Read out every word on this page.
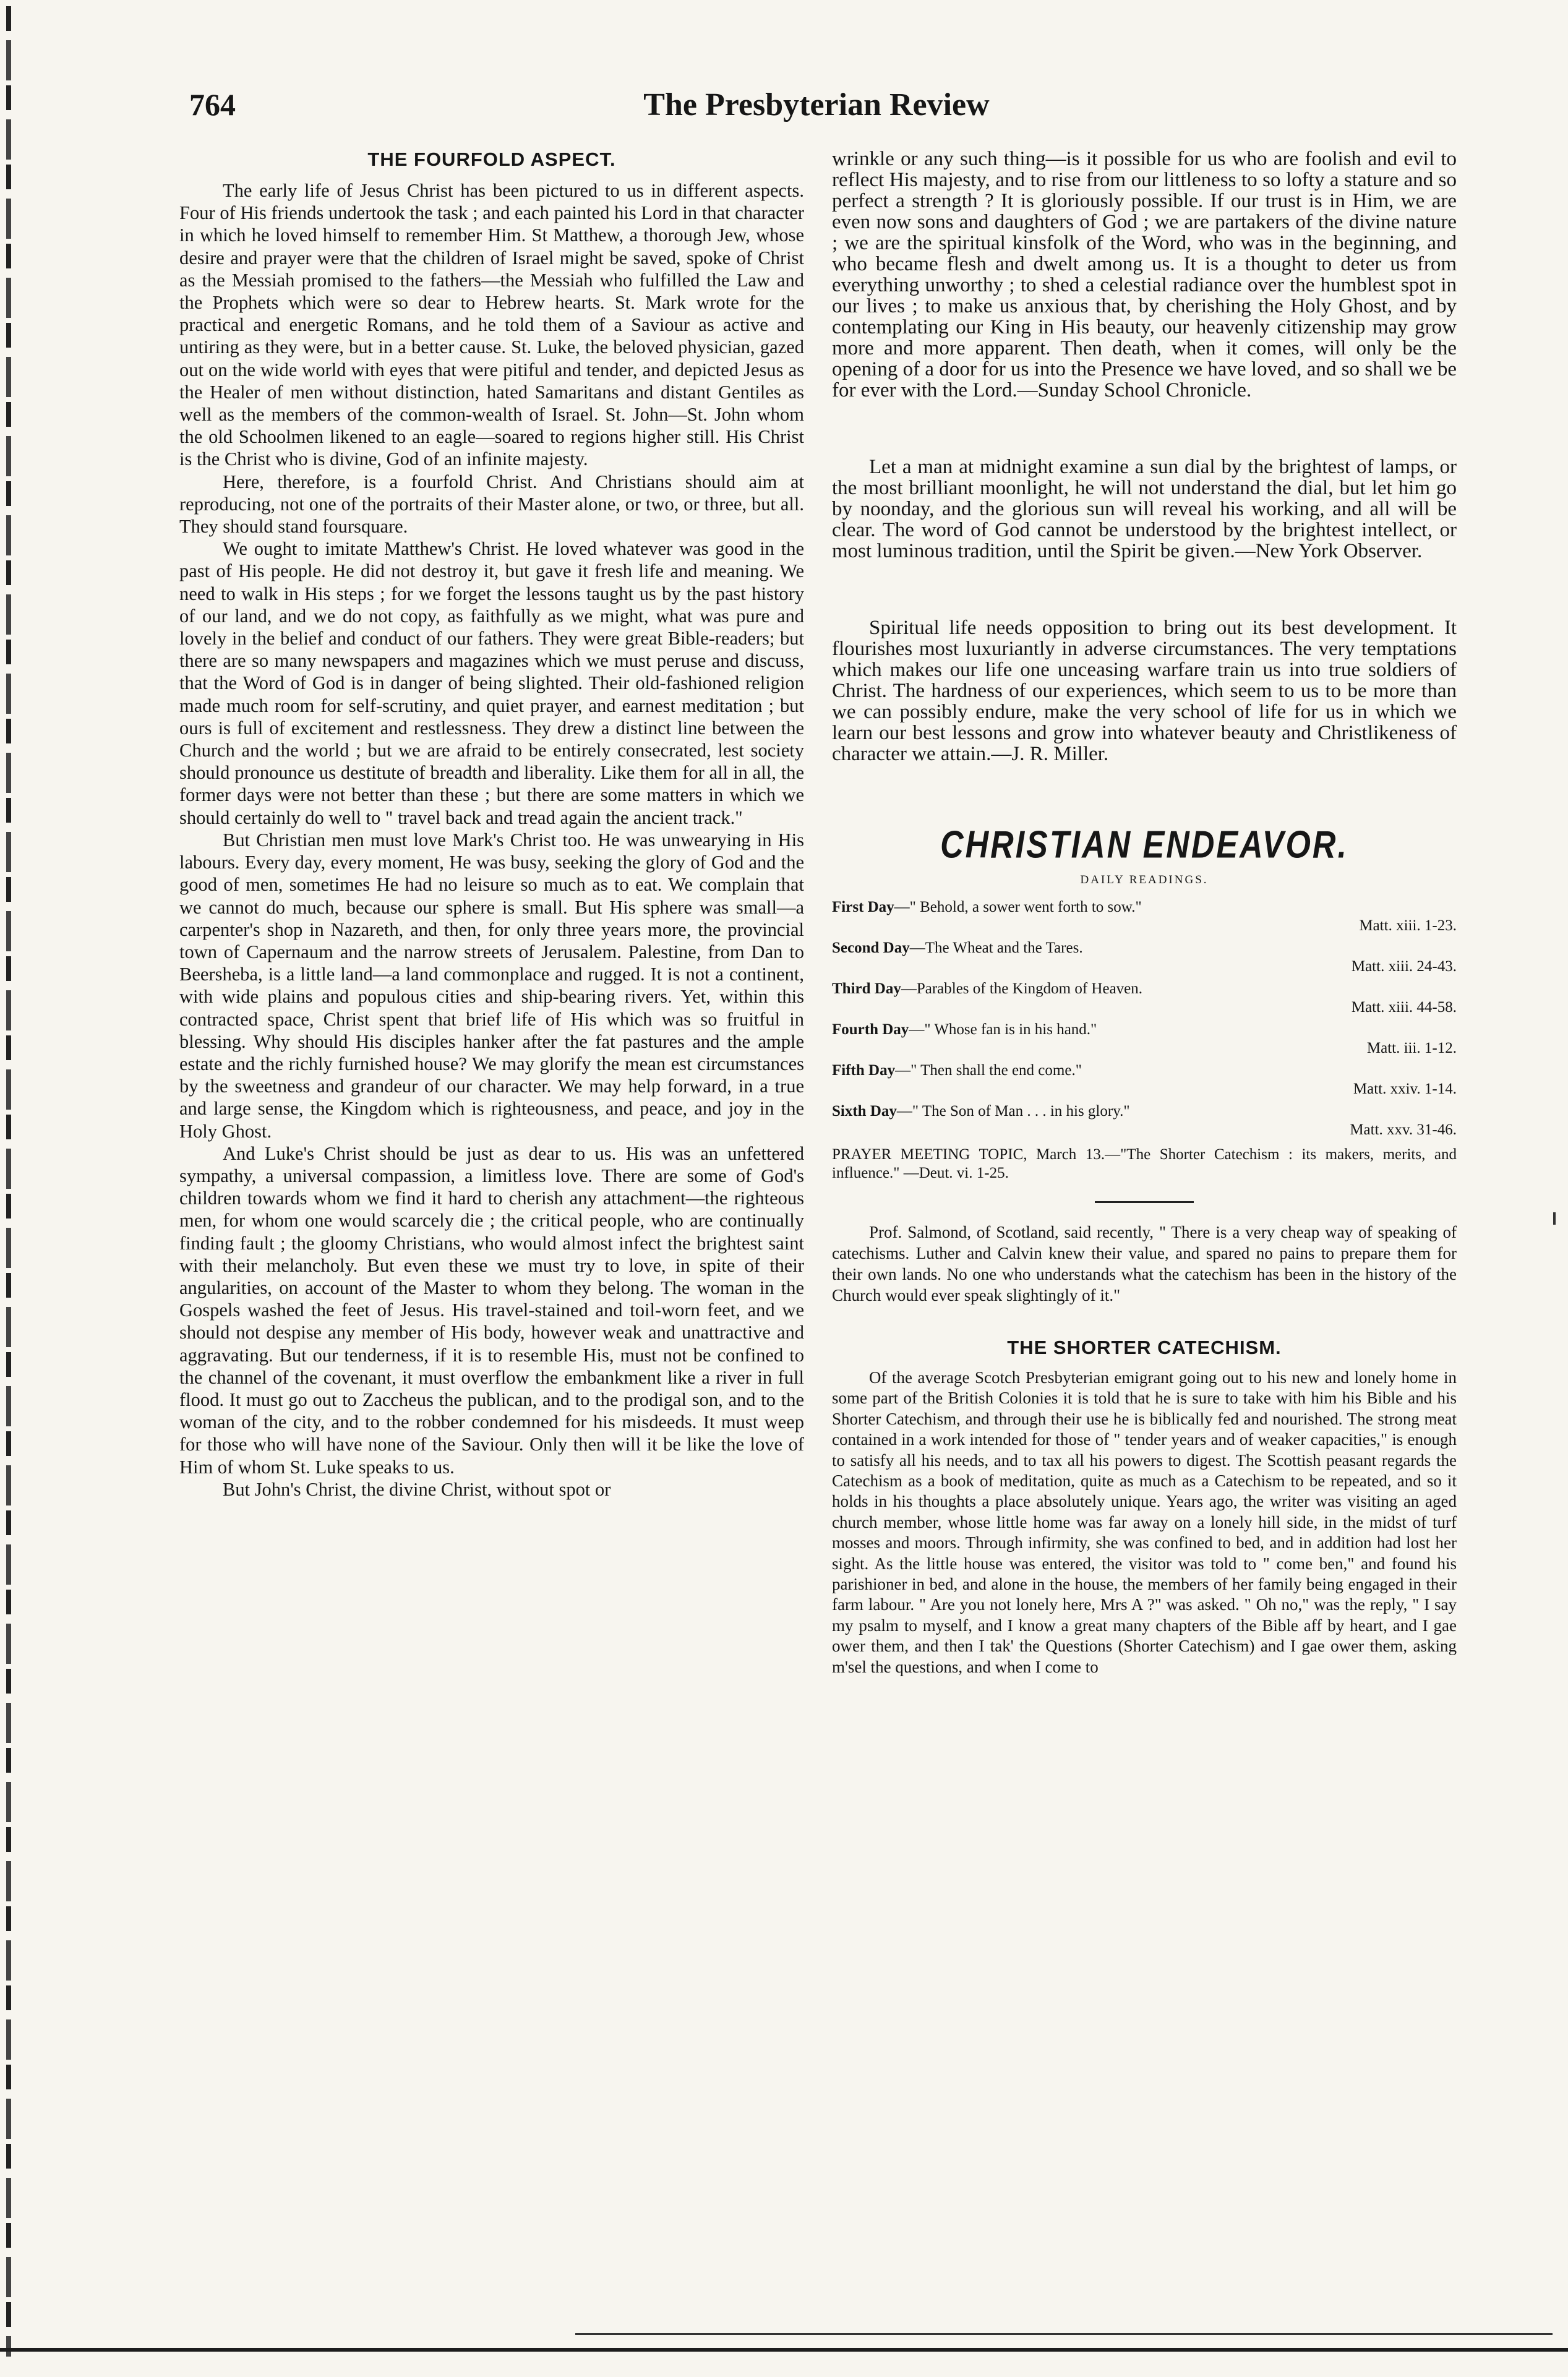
764	The Presbyterian Review
THE FOURFOLD ASPECT.

The early life of Jesus Christ has been pictured to us in different aspects. Four of His friends undertook the task ; and each painted his Lord in that character in which he loved himself to remember Him. St Matthew, a thorough Jew, whose desire and prayer were that the children of Israel might be saved, spoke of Christ as the Messiah promised to the fathers—the Messiah who fulfilled the Law and the Prophets which were so dear to Hebrew hearts. St. Mark wrote for the practical and energetic Romans, and he told them of a Saviour as active and untiring as they were, but in a better cause. St. Luke, the beloved physician, gazed out on the wide world with eyes that were pitiful and tender, and depicted Jesus as the Healer of men without distinction, hated Samaritans and distant Gentiles as well as the members of the common-wealth of Israel. St. John—St. John whom the old Schoolmen likened to an eagle—soared to regions higher still. His Christ is the Christ who is divine, God of an infinite majesty.

Here, therefore, is a fourfold Christ. And Christians should aim at reproducing, not one of the portraits of their Master alone, or two, or three, but all. They should stand foursquare.

We ought to imitate Matthew's Christ. He loved whatever was good in the past of His people. He did not destroy it, but gave it fresh life and meaning. We need to walk in His steps ; for we forget the lessons taught us by the past history of our land, and we do not copy, as faithfully as we might, what was pure and lovely in the belief and conduct of our fathers. They were great Bible-readers; but there are so many newspapers and magazines which we must peruse and discuss, that the Word of God is in danger of being slighted. Their old-fashioned religion made much room for self-scrutiny, and quiet prayer, and earnest meditation ; but ours is full of excitement and restlessness. They drew a distinct line between the Church and the world ; but we are afraid to be entirely consecrated, lest society should pronounce us destitute of breadth and liberality. Like them for all in all, the former days were not better than these ; but there are some matters in which we should certainly do well to " travel back and tread again the ancient track."

But Christian men must love Mark's Christ too. He was unwearying in His labours. Every day, every moment, He was busy, seeking the glory of God and the good of men, sometimes He had no leisure so much as to eat. We complain that we cannot do much, because our sphere is small. But His sphere was small—a carpenter's shop in Nazareth, and then, for only three years more, the provincial town of Capernaum and the narrow streets of Jerusalem. Palestine, from Dan to Beersheba, is a little land—a land commonplace and rugged. It is not a continent, with wide plains and populous cities and ship-bearing rivers. Yet, within this contracted space, Christ spent that brief life of His which was so fruitful in blessing. Why should His disciples hanker after the fat pastures and the ample estate and the richly furnished house? We may glorify the mean est circumstances by the sweetness and grandeur of our character. We may help forward, in a true and large sense, the Kingdom which is righteousness, and peace, and joy in the Holy Ghost.

And Luke's Christ should be just as dear to us. His was an unfettered sympathy, a universal compassion, a limitless love. There are some of God's children towards whom we find it hard to cherish any attachment—the righteous men, for whom one would scarcely die ; the critical people, who are continually finding fault ; the gloomy Christians, who would almost infect the brightest saint with their melancholy. But even these we must try to love, in spite of their angularities, on account of the Master to whom they belong. The woman in the Gospels washed the feet of Jesus. His travel-stained and toil-worn feet, and we should not despise any member of His body, however weak and unattractive and aggravating. But our tenderness, if it is to resemble His, must not be confined to the channel of the covenant, it must overflow the embankment like a river in full flood. It must go out to Zaccheus the publican, and to the prodigal son, and to the woman of the city, and to the robber condemned for his misdeeds. It must weep for those who will have none of the Saviour. Only then will it be like the love of Him of whom St. Luke speaks to us.

But John's Christ, the divine Christ, without spot or

wrinkle or any such thing—is it possible for us who are foolish and evil to reflect His majesty, and to rise from our littleness to so lofty a stature and so perfect a strength ? It is gloriously possible. If our trust is in Him, we are even now sons and daughters of God ; we are partakers of the divine nature ; we are the spiritual kinsfolk of the Word, who was in the beginning, and who became flesh and dwelt among us. It is a thought to deter us from everything unworthy ; to shed a celestial radiance over the humblest spot in our lives ; to make us anxious that, by cherishing the Holy Ghost, and by contemplating our King in His beauty, our heavenly citizenship may grow more and more apparent. Then death, when it comes, will only be the opening of a door for us into the Presence we have loved, and so shall we be for ever with the Lord.—Sunday School Chronicle.

Let a man at midnight examine a sun dial by the brightest of lamps, or the most brilliant moonlight, he will not understand the dial, but let him go by noonday, and the glorious sun will reveal his working, and all will be clear. The word of God cannot be understood by the brightest intellect, or most luminous tradition, until the Spirit be given.—New York Observer.

Spiritual life needs opposition to bring out its best development. It flourishes most luxuriantly in adverse circumstances. The very temptations which makes our life one unceasing warfare train us into true soldiers of Christ. The hardness of our experiences, which seem to us to be more than we can possibly endure, make the very school of life for us in which we learn our best lessons and grow into whatever beauty and Christlikeness of character we attain.—J. R. Miller.

CHRISTIAN ENDEAVOR.
DAILY READINGS.

First Day—" Behold, a sower went forth to sow."
Matt. xiii. 1-23.

Second Day—The Wheat and the Tares.
Matt. xiii. 24-43.

Third Day—Parables of the Kingdom of Heaven.
Matt. xiii. 44-58.

Fourth Day—" Whose fan is in his hand."
Matt. iii. 1-12.

Fifth Day—" Then shall the end come."
Matt. xxiv. 1-14.

Sixth Day—" The Son of Man . . . in his glory."
Matt. xxv. 31-46.

PRAYER MEETING TOPIC, March 13.—"The Shorter Catechism : its makers, merits, and influence." —Deut. vi. 1-25.

Prof. Salmond, of Scotland, said recently, " There is a very cheap way of speaking of catechisms. Luther and Calvin knew their value, and spared no pains to prepare them for their own lands. No one who understands what the catechism has been in the history of the Church would ever speak slightingly of it."

THE SHORTER CATECHISM.

Of the average Scotch Presbyterian emigrant going out to his new and lonely home in some part of the British Colonies it is told that he is sure to take with him his Bible and his Shorter Catechism, and through their use he is biblically fed and nourished. The strong meat contained in a work intended for those of " tender years and of weaker capacities," is enough to satisfy all his needs, and to tax all his powers to digest. The Scottish peasant regards the Catechism as a book of meditation, quite as much as a Catechism to be repeated, and so it holds in his thoughts a place absolutely unique. Years ago, the writer was visiting an aged church member, whose little home was far away on a lonely hill side, in the midst of turf mosses and moors. Through infirmity, she was confined to bed, and in addition had lost her sight. As the little house was entered, the visitor was told to " come ben," and found his parishioner in bed, and alone in the house, the members of her family being engaged in their farm labour. " Are you not lonely here, Mrs A ?" was asked. " Oh no," was the reply, " I say my psalm to myself, and I know a great many chapters of the Bible aff by heart, and I gae ower them, and then I tak' the Questions (Shorter Catechism) and I gae ower them, asking m'sel the questions, and when I come to
